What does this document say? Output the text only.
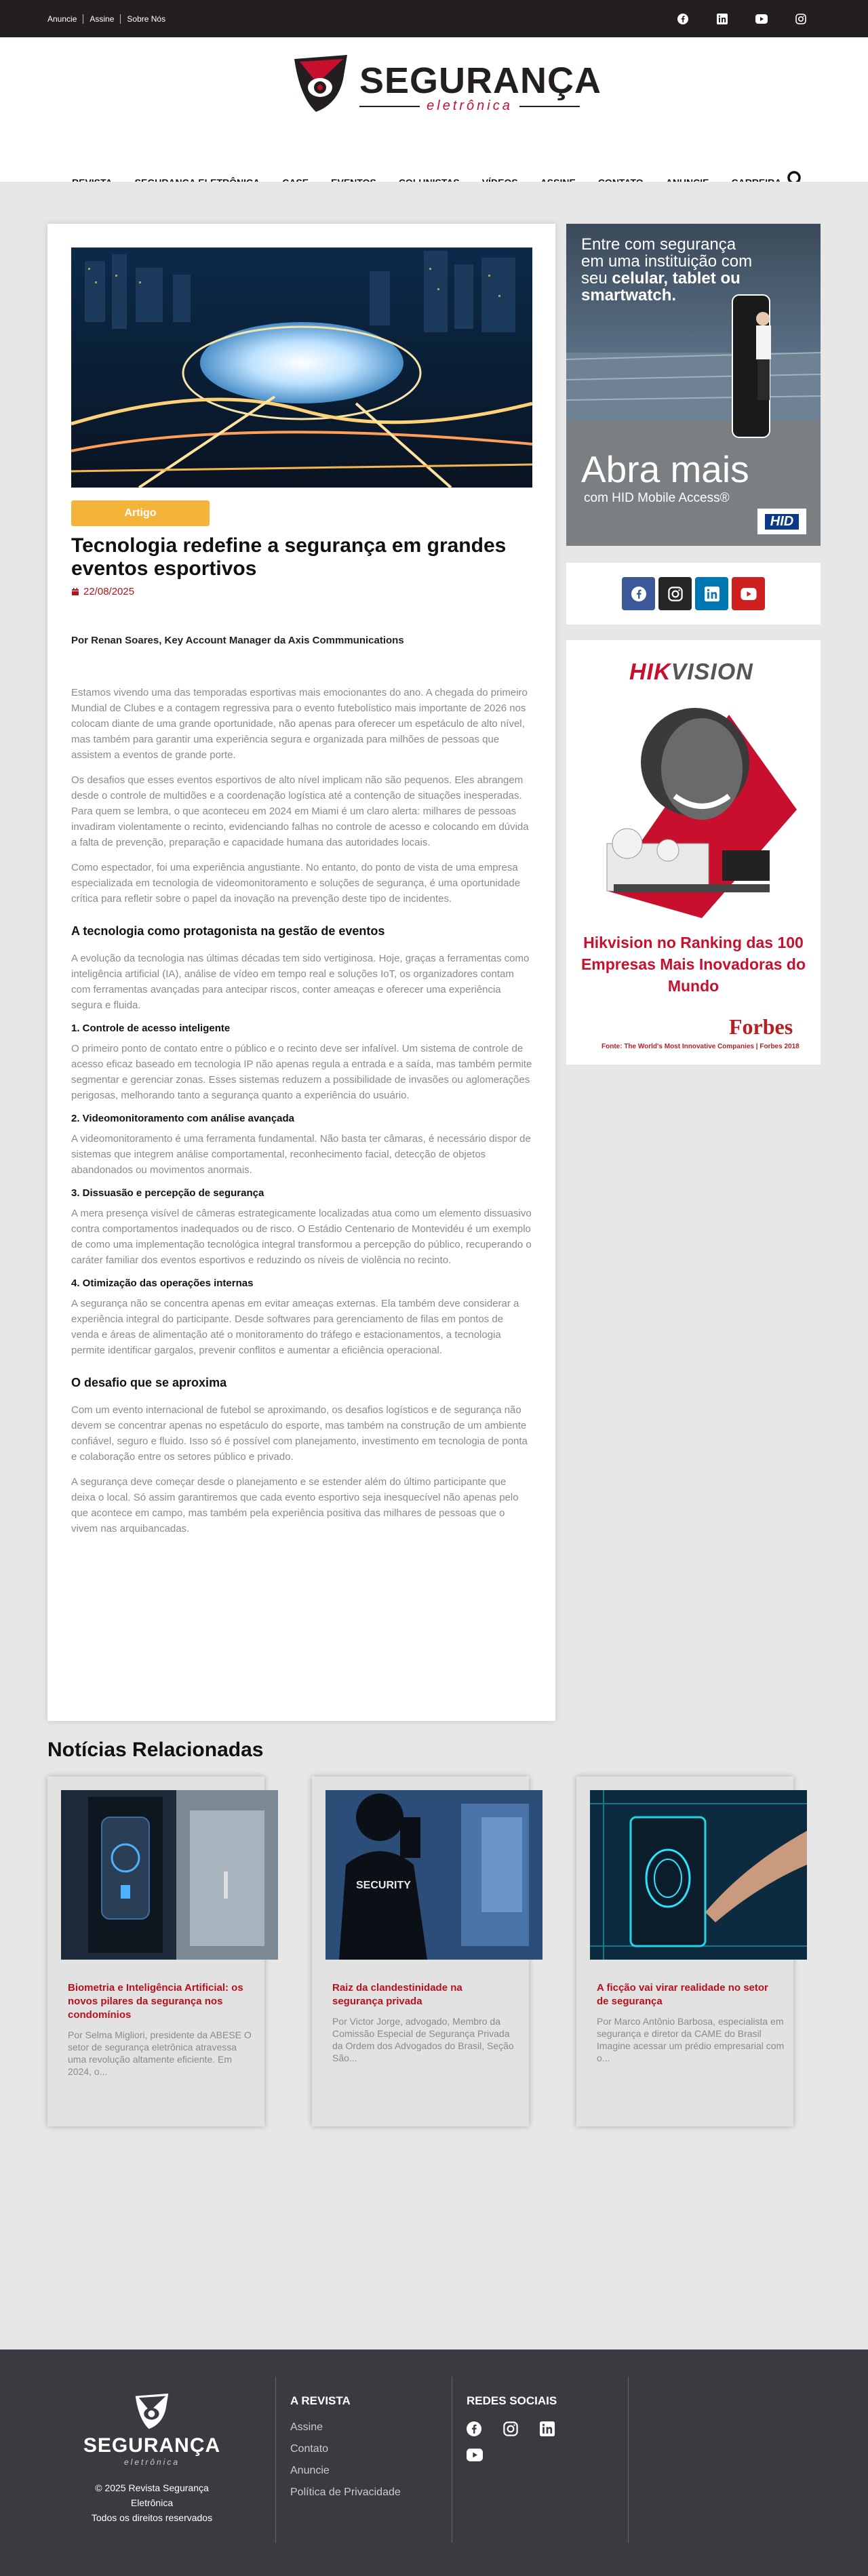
Anuncie	Assine	Sobre Nós
SEGURANÇA
eletrônica
Artigo
Tecnologia redefine a segurança em grandes eventos esportivos
22/08/2025
Por Renan Soares, Key Account Manager da Axis Commmunications

Estamos vivendo uma das temporadas esportivas mais emocionantes do ano. A chegada do primeiro Mundial de Clubes e a contagem regressiva para o evento futebolístico mais importante de 2026 nos colocam diante de uma grande oportunidade, não apenas para oferecer um espetáculo de alto nível, mas também para garantir uma experiência segura e organizada para milhões de pessoas que assistem a eventos de grande porte.

Os desafios que esses eventos esportivos de alto nível implicam não são pequenos. Eles abrangem desde o controle de multidões e a coordenação logística até a contenção de situações inesperadas. Para quem se lembra, o que aconteceu em 2024 em Miami é um claro alerta: milhares de pessoas invadiram violentamente o recinto, evidenciando falhas no controle de acesso e colocando em dúvida a falta de prevenção, preparação e capacidade humana das autoridades locais.

Como espectador, foi uma experiência angustiante. No entanto, do ponto de vista de uma empresa especializada em tecnologia de videomonitoramento e soluções de segurança, é uma oportunidade crítica para refletir sobre o papel da inovação na prevenção deste tipo de incidentes.

A tecnologia como protagonista na gestão de eventos

A evolução da tecnologia nas últimas décadas tem sido vertiginosa. Hoje, graças a ferramentas como inteligência artificial (IA), análise de vídeo em tempo real e soluções IoT, os organizadores contam com ferramentas avançadas para antecipar riscos, conter ameaças e oferecer uma experiência segura e fluida.

1. Controle de acesso inteligente

O primeiro ponto de contato entre o público e o recinto deve ser infalível. Um sistema de controle de acesso eficaz baseado em tecnologia IP não apenas regula a entrada e a saída, mas também permite segmentar e gerenciar zonas. Esses sistemas reduzem a possibilidade de invasões ou aglomerações perigosas, melhorando tanto a segurança quanto a experiência do usuário.

2. Videomonitoramento com análise avançada

A videomonitoramento é uma ferramenta fundamental. Não basta ter câmaras, é necessário dispor de sistemas que integrem análise comportamental, reconhecimento facial, detecção de objetos abandonados ou movimentos anormais.

3. Dissuasão e percepção de segurança

A mera presença visível de câmeras estrategicamente localizadas atua como um elemento dissuasivo contra comportamentos inadequados ou de risco. O Estádio Centenario de Montevidéu é um exemplo de como uma implementação tecnológica integral transformou a percepção do público, recuperando o caráter familiar dos eventos esportivos e reduzindo os níveis de violência no recinto.

4. Otimização das operações internas

A segurança não se concentra apenas em evitar ameaças externas. Ela também deve considerar a experiência integral do participante. Desde softwares para gerenciamento de filas em pontos de venda e áreas de alimentação até o monitoramento do tráfego e estacionamentos, a tecnologia permite identificar gargalos, prevenir conflitos e aumentar a eficiência operacional.

O desafio que se aproxima

Com um evento internacional de futebol se aproximando, os desafios logísticos e de segurança não devem se concentrar apenas no espetáculo do esporte, mas também na construção de um ambiente confiável, seguro e fluido. Isso só é possível com planejamento, investimento em tecnologia de ponta e colaboração entre os setores público e privado.

A segurança deve começar desde o planejamento e se estender além do último participante que deixa o local. Só assim garantiremos que cada evento esportivo seja inesquecível não apenas pelo que acontece em campo, mas também pela experiência positiva das milhares de pessoas que o vivem nas arquibancadas.

Entre com segurança em uma instituição com seu celular, tablet ou smartwatch.
Abra mais
com HID Mobile Access®
HID
HIKVISION
Hikvision no Ranking das 100 Empresas Mais Inovadoras do Mundo
Forbes
Fonte: The World's Most Innovative Companies | Forbes 2018
Notícias Relacionadas
Biometria e Inteligência Artificial: os novos pilares da segurança nos condomínios
Por Selma Migliori, presidente da ABESE O setor de segurança eletrônica atravessa uma revolução altamente eficiente. Em 2024, o...
SECURITY
Raiz da clandestinidade na segurança privada
Por Victor Jorge, advogado, Membro da Comissão Especial de Segurança Privada da Ordem dos Advogados do Brasil, Seção São...
A ficção vai virar realidade no setor de segurança
Por Marco Antônio Barbosa, especialista em segurança e diretor da CAME do Brasil Imagine acessar um prédio empresarial com o...
SEGURANÇA
eletrônica
© 2025 Revista Segurança Eletrônica
Todos os direitos reservados
A REVISTA
Assine
Contato
Anuncie
Política de Privacidade
REDES SOCIAIS
